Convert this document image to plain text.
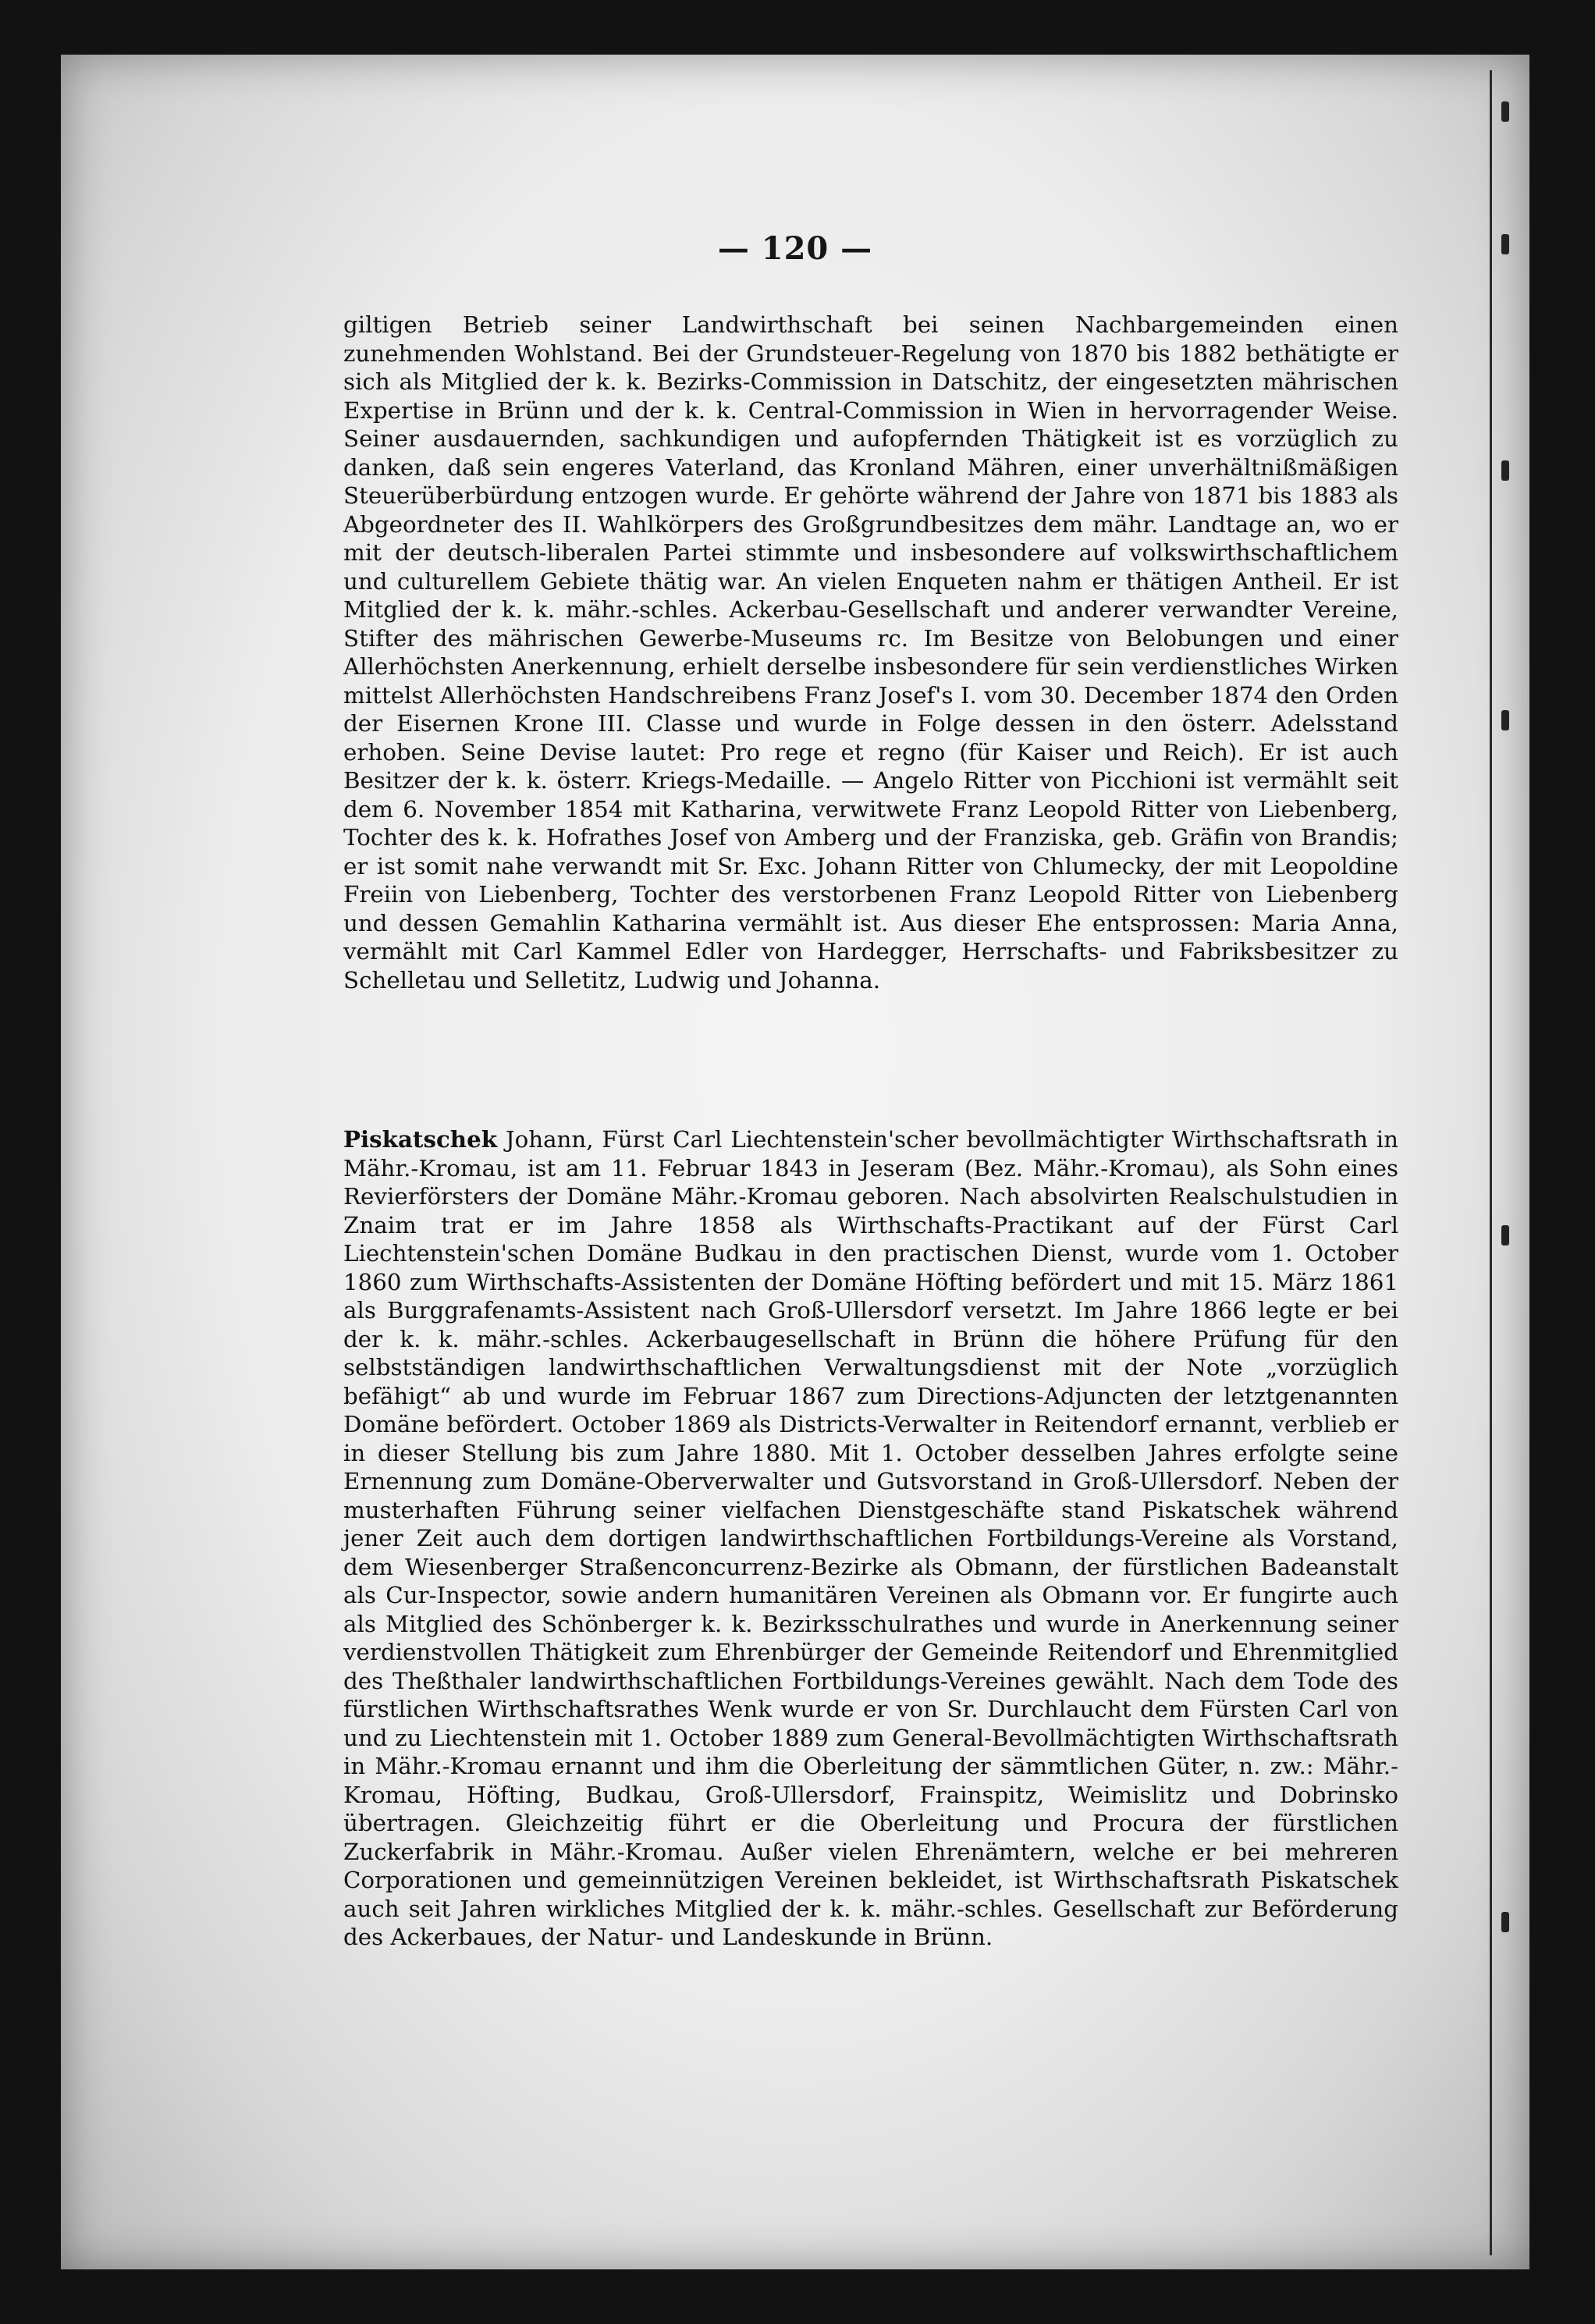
— 120 —

giltigen Betrieb seiner Landwirthschaft bei seinen Nachbargemeinden einen zunehmenden Wohlstand. Bei der Grundsteuer-Regelung von 1870 bis 1882 bethätigte er sich als Mitglied der k. k. Bezirks-Commission in Datschitz, der eingesetzten mährischen Expertise in Brünn und der k. k. Central-Commission in Wien in hervorragender Weise. Seiner ausdauernden, sachkundigen und aufopfernden Thätigkeit ist es vorzüglich zu danken, daß sein engeres Vaterland, das Kronland Mähren, einer unverhältnißmäßigen Steuerüberbürdung entzogen wurde. Er gehörte während der Jahre von 1871 bis 1883 als Abgeordneter des II. Wahlkörpers des Großgrundbesitzes dem mähr. Landtage an, wo er mit der deutsch-liberalen Partei stimmte und insbesondere auf volkswirthschaftlichem und culturellem Gebiete thätig war. An vielen Enqueten nahm er thätigen Antheil. Er ist Mitglied der k. k. mähr.-schles. Ackerbau-Gesellschaft und anderer verwandter Vereine, Stifter des mährischen Gewerbe-Museums rc. Im Besitze von Belobungen und einer Allerhöchsten Anerkennung, erhielt derselbe insbesondere für sein verdienstliches Wirken mittelst Allerhöchsten Handschreibens Franz Josef's I. vom 30. December 1874 den Orden der Eisernen Krone III. Classe und wurde in Folge dessen in den österr. Adelsstand erhoben. Seine Devise lautet: Pro rege et regno (für Kaiser und Reich). Er ist auch Besitzer der k. k. österr. Kriegs-Medaille. — Angelo Ritter von Picchioni ist vermählt seit dem 6. November 1854 mit Katharina, verwitwete Franz Leopold Ritter von Liebenberg, Tochter des k. k. Hofrathes Josef von Amberg und der Franziska, geb. Gräfin von Brandis; er ist somit nahe verwandt mit Sr. Exc. Johann Ritter von Chlumecky, der mit Leopoldine Freiin von Liebenberg, Tochter des verstorbenen Franz Leopold Ritter von Liebenberg und dessen Gemahlin Katharina vermählt ist. Aus dieser Ehe entsprossen: Maria Anna, vermählt mit Carl Kammel Edler von Hardegger, Herrschafts- und Fabriksbesitzer zu Schelletau und Selletitz, Ludwig und Johanna.

Piskatschek Johann, Fürst Carl Liechtenstein'scher bevollmächtigter Wirthschaftsrath in Mähr.-Kromau, ist am 11. Februar 1843 in Jeseram (Bez. Mähr.-Kromau), als Sohn eines Revierförsters der Domäne Mähr.-Kromau geboren. Nach absolvirten Realschulstudien in Znaim trat er im Jahre 1858 als Wirthschafts-Practikant auf der Fürst Carl Liechtenstein'schen Domäne Budkau in den practischen Dienst, wurde vom 1. October 1860 zum Wirthschafts-Assistenten der Domäne Höfting befördert und mit 15. März 1861 als Burggrafenamts-Assistent nach Groß-Ullersdorf versetzt. Im Jahre 1866 legte er bei der k. k. mähr.-schles. Ackerbaugesellschaft in Brünn die höhere Prüfung für den selbstständigen landwirthschaftlichen Verwaltungsdienst mit der Note „vorzüglich befähigt“ ab und wurde im Februar 1867 zum Directions-Adjuncten der letztgenannten Domäne befördert. October 1869 als Districts-Verwalter in Reitendorf ernannt, verblieb er in dieser Stellung bis zum Jahre 1880. Mit 1. October desselben Jahres erfolgte seine Ernennung zum Domäne-Oberverwalter und Gutsvorstand in Groß-Ullersdorf. Neben der musterhaften Führung seiner vielfachen Dienstgeschäfte stand Piskatschek während jener Zeit auch dem dortigen landwirthschaftlichen Fortbildungs-Vereine als Vorstand, dem Wiesenberger Straßenconcurrenz-Bezirke als Obmann, der fürstlichen Badeanstalt als Cur-Inspector, sowie andern humanitären Vereinen als Obmann vor. Er fungirte auch als Mitglied des Schönberger k. k. Bezirksschulrathes und wurde in Anerkennung seiner verdienstvollen Thätigkeit zum Ehrenbürger der Gemeinde Reitendorf und Ehrenmitglied des Theßthaler landwirthschaftlichen Fortbildungs-Vereines gewählt. Nach dem Tode des fürstlichen Wirthschaftsrathes Wenk wurde er von Sr. Durchlaucht dem Fürsten Carl von und zu Liechtenstein mit 1. October 1889 zum General-Bevollmächtigten Wirthschaftsrath in Mähr.-Kromau ernannt und ihm die Oberleitung der sämmtlichen Güter, n. zw.: Mähr.-Kromau, Höfting, Budkau, Groß-Ullersdorf, Frainspitz, Weimislitz und Dobrinsko übertragen. Gleichzeitig führt er die Oberleitung und Procura der fürstlichen Zuckerfabrik in Mähr.-Kromau. Außer vielen Ehrenämtern, welche er bei mehreren Corporationen und gemeinnützigen Vereinen bekleidet, ist Wirthschaftsrath Piskatschek auch seit Jahren wirkliches Mitglied der k. k. mähr.-schles. Gesellschaft zur Beförderung des Ackerbaues, der Natur- und Landeskunde in Brünn.
